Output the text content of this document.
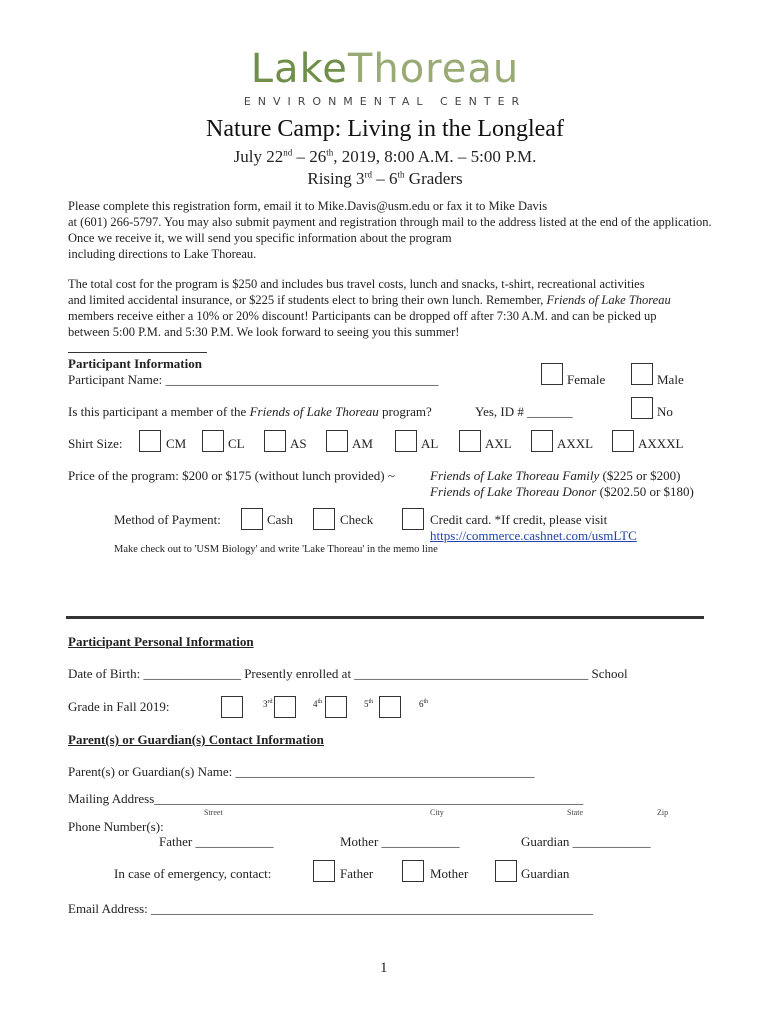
LakeThoreau
ENVIRONMENTAL CENTER
Nature Camp: Living in the Longleaf
July 22nd – 26th, 2019, 8:00 A.M. – 5:00 P.M.
Rising 3rd – 6th Graders
Please complete this registration form, email it to Mike.Davis@usm.edu or fax it to Mike Davis
at (601) 266-5797. You may also submit payment and registration through mail to the address listed at the end of the application.
Once we receive it, we will send you specific information about the program
including directions to Lake Thoreau.
The total cost for the program is $250 and includes bus travel costs, lunch and snacks, t-shirt, recreational activities
and limited accidental insurance, or $225 if students elect to bring their own lunch. Remember, Friends of Lake Thoreau
members receive either a 10% or 20% discount! Participants can be dropped off after 7:30 A.M. and can be picked up
between 5:00 P.M. and 5:30 P.M. We look forward to seeing you this summer!
Participant Information
Participant Name: __________________________________________	Female	Male
Is this participant a member of the Friends of Lake Thoreau program?	Yes, ID # _______	No
Shirt Size:	CM	CL	AS	AM	AL	AXL	AXXL	AXXXL
Price of the program: $200 or $175 (without lunch provided) ~	Friends of Lake Thoreau Family ($225 or $200)
Friends of Lake Thoreau Donor ($202.50 or $180)
Method of Payment:	Cash	Check	Credit card. *If credit, please visit
https://commerce.cashnet.com/usmLTC
Make check out to 'USM Biology' and write 'Lake Thoreau' in the memo line
Participant Personal Information
Date of Birth: _______________ Presently enrolled at ____________________________________ School
Grade in Fall 2019:	3rd	4th	5th	6th
Parent(s) or Guardian(s) Contact Information
Parent(s) or Guardian(s) Name: ______________________________________________
Mailing Address__________________________________________________________________
Street	City	State	Zip
Phone Number(s):
Father ____________	Mother ____________	Guardian ____________
In case of emergency, contact:	Father	Mother	Guardian
Email Address: ____________________________________________________________________
1
